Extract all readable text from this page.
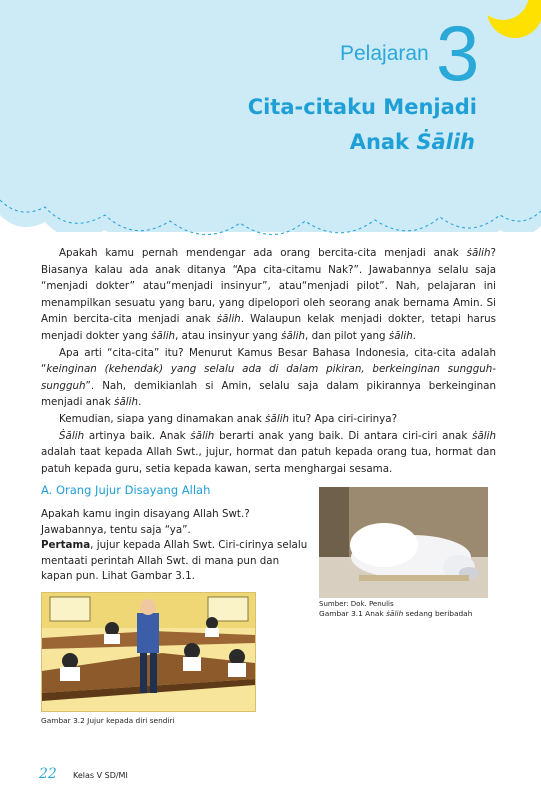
Pelajaran 3
Cita-citaku Menjadi
Anak Ṡālih

Apakah kamu pernah mendengar ada orang bercita-cita menjadi anak ṡālih? Biasanya kalau ada anak ditanya “Apa cita-citamu Nak?”. Jawabannya selalu saja “menjadi dokter” atau“menjadi insinyur”, atau“menjadi pilot”. Nah, pelajaran ini menampilkan sesuatu yang baru, yang dipelopori oleh seorang anak bernama Amin. Si Amin bercita-cita menjadi anak ṡālih. Walaupun kelak menjadi dokter, tetapi harus menjadi dokter yang ṡālih, atau insinyur yang ṡālih, dan pilot yang ṡālih.

Apa arti “cita-cita” itu? Menurut Kamus Besar Bahasa Indonesia, cita-cita adalah “keinginan (kehendak) yang selalu ada di dalam pikiran, berkeinginan sungguh-sungguh”. Nah, demikianlah si Amin, selalu saja dalam pikirannya berkeinginan menjadi anak ṡālih.

Kemudian, siapa yang dinamakan anak ṡālih itu? Apa ciri-cirinya?

Ṡālih artinya baik. Anak ṡālih berarti anak yang baik. Di antara ciri-ciri anak ṡālih adalah taat kepada Allah Swt., jujur, hormat dan patuh kepada orang tua, hormat dan patuh kepada guru, setia kepada kawan, serta menghargai sesama.

A. Orang Jujur Disayang Allah
Apakah kamu ingin disayang Allah Swt.?
Jawabannya, tentu saja “ya”.
Pertama, jujur kepada Allah Swt. Ciri-cirinya selalu mentaati perintah Allah Swt. di mana pun dan kapan pun. Lihat Gambar 3.1.
Sumber: Dok. Penulis
Gambar 3.1 Anak ṡālih sedang beribadah
Gambar 3.2 Jujur kepada diri sendiri
22 Kelas V SD/MI
